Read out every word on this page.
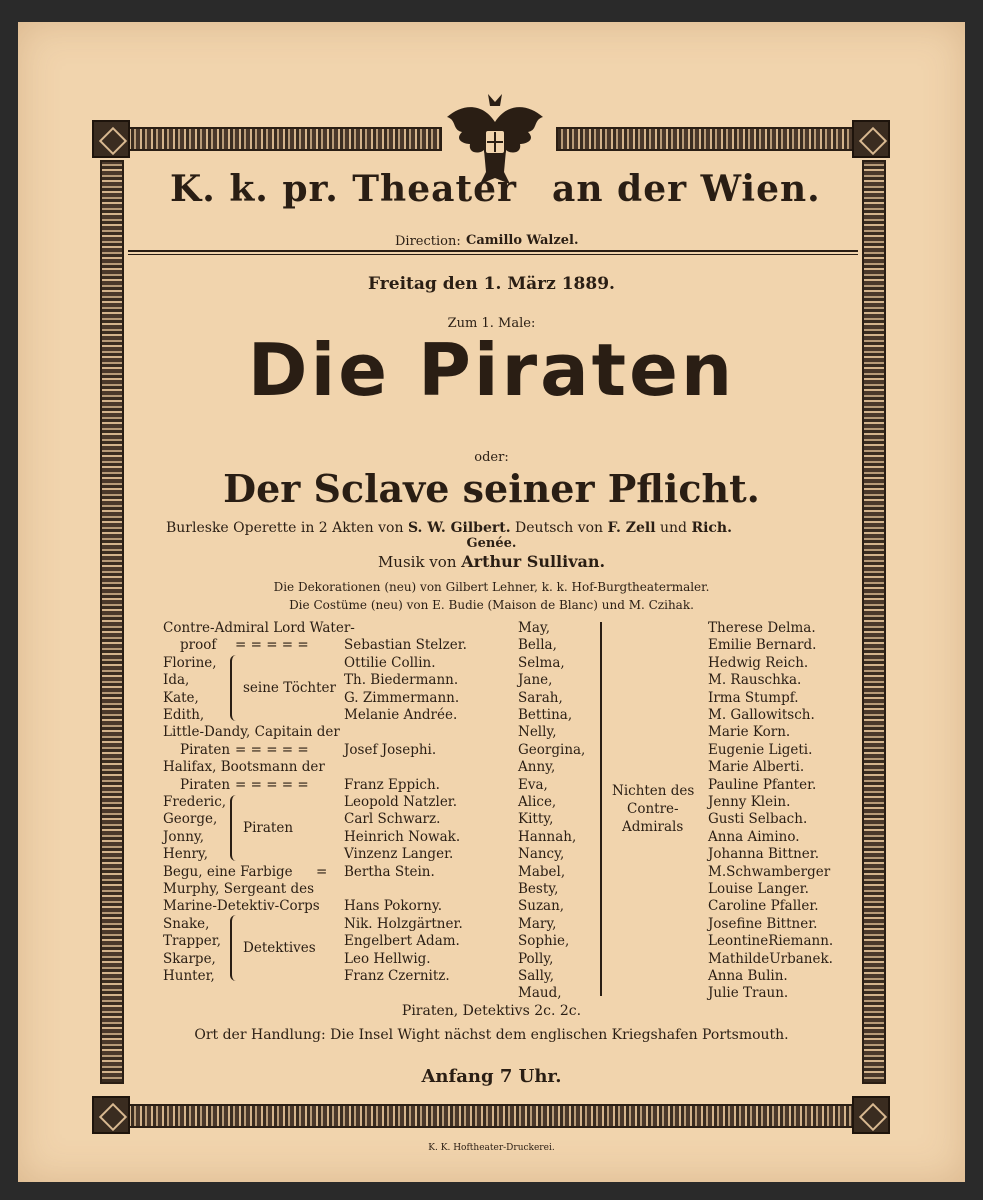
K. k. pr. Theater an der Wien.
Direction: Camillo Walzel.
Freitag den 1. März 1889.
Zum 1. Male:
Die Piraten
oder:
Der Sclave seiner Pflicht.
Burleske Operette in 2 Akten von S. W. Gilbert. Deutsch von F. Zell und Rich.
Genée.
Musik von Arthur Sullivan.
Die Dekorationen (neu) von Gilbert Lehner, k. k. Hof-Burgtheatermaler.
Die Costüme (neu) von E. Budie (Maison de Blanc) und M. Czihak.
Contre-Admiral Lord Water-
proof = = = = =	Sebastian Stelzer.
Florine,	Ottilie Collin.
Ida,	Th. Biedermann.
Kate,	G. Zimmermann.
Edith,	Melanie Andrée.
Little-Dandy, Capitain der
Piraten = = = = =	Josef Josephi.
Halifax, Bootsmann der
Piraten = = = = =	Franz Eppich.
Frederic,	Leopold Natzler.
George,	Carl Schwarz.
Jonny,	Heinrich Nowak.
Henry,	Vinzenz Langer.
Begu, eine Farbige = Bertha Stein.
Murphy, Sergeant des
Marine-Detektiv-Corps Hans Pokorny.
Snake,	Nik. Holzgärtner.
Trapper,	Engelbert Adam.
Skarpe,	Leo Hellwig.
Hunter,	Franz Czernitz.
May,	Therese Delma.
Bella,	Emilie Bernard.
Selma,	Hedwig Reich.
Jane,	M. Rauschka.
Sarah,	Irma Stumpf.
Bettina,	M. Gallowitsch.
Nelly,	Marie Korn.
Georgina,	Eugenie Ligeti.
Anny,	Marie Alberti.
Eva,	Pauline Pfanter.
Alice,	Jenny Klein.
Kitty,	Gusti Selbach.
Hannah,	Anna Aimino.
Nancy,	Johanna Bittner.
Mabel,	M.Schwamberger
Besty,	Louise Langer.
Suzan,	Caroline Pfaller.
Mary,	Josefine Bittner.
Sophie,	LeontineRiemann.
Polly,	MathildeUrbanek.
Sally,	Anna Bulin.
Maud,	Julie Traun.
seine Töchter
Piraten
Detektives
Nichten des
Contre-
Admirals
Piraten, Detektivs 2c. 2c.
Ort der Handlung: Die Insel Wight nächst dem englischen Kriegshafen Portsmouth.
Anfang 7 Uhr.
K. K. Hoftheater-Druckerei.
